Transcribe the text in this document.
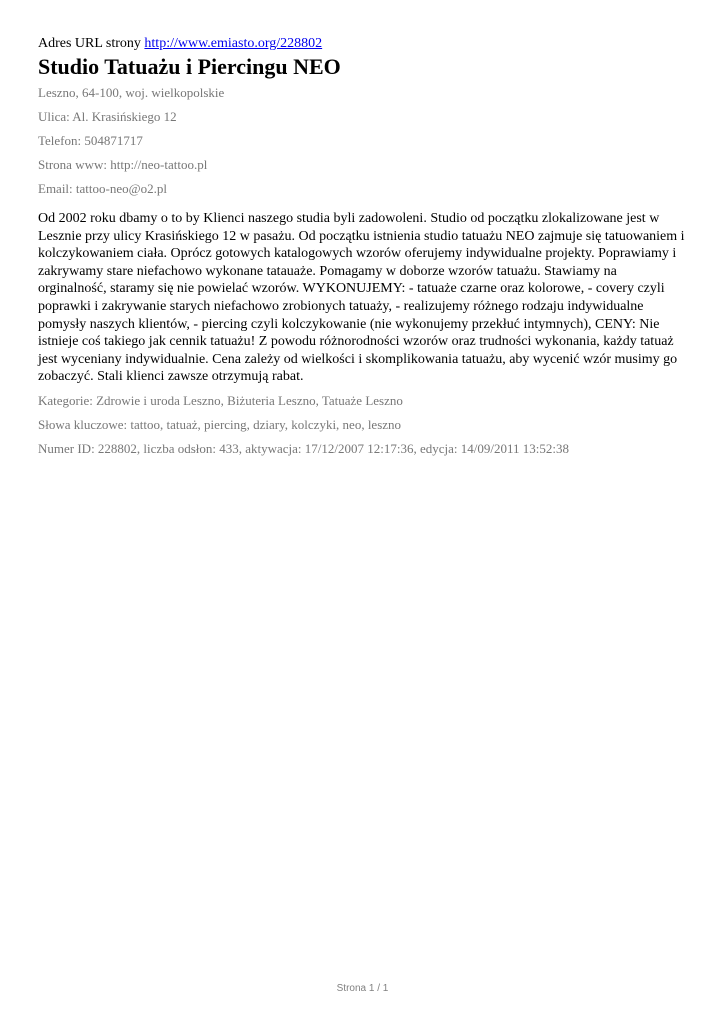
Adres URL strony http://www.emiasto.org/228802

Studio Tatuażu i Piercingu NEO

Leszno, 64-100, woj. wielkopolskie

Ulica: Al. Krasińskiego 12

Telefon: 504871717

Strona www: http://neo-tattoo.pl

Email: tattoo-neo@o2.pl

Od 2002 roku dbamy o to by Klienci naszego studia byli zadowoleni. Studio od początku zlokalizowane jest w Lesznie przy ulicy Krasińskiego 12 w pasażu. Od początku istnienia studio tatuażu NEO zajmuje się tatuowaniem i kolczykowaniem ciała. Oprócz gotowych katalogowych wzorów oferujemy indywidualne projekty. Poprawiamy i zakrywamy stare niefachowo wykonane tatauaże. Pomagamy w doborze wzorów tatuażu. Stawiamy na orginalność, staramy się nie powielać wzorów. WYKONUJEMY: - tatuaże czarne oraz kolorowe, - covery czyli poprawki i zakrywanie starych niefachowo zrobionych tatuaży, - realizujemy różnego rodzaju indywidualne pomysły naszych klientów, - piercing czyli kolczykowanie (nie wykonujemy przekłuć intymnych), CENY: Nie istnieje coś takiego jak cennik tatuażu! Z powodu różnorodności wzorów oraz trudności wykonania, każdy tatuaż jest wyceniany indywidualnie. Cena zależy od wielkości i skomplikowania tatuażu, aby wycenić wzór musimy go zobaczyć. Stali klienci zawsze otrzymują rabat.

Kategorie: Zdrowie i uroda Leszno, Biżuteria Leszno, Tatuaże Leszno

Słowa kluczowe: tattoo, tatuaż, piercing, dziary, kolczyki, neo, leszno

Numer ID: 228802, liczba odsłon: 433, aktywacja: 17/12/2007 12:17:36, edycja: 14/09/2011 13:52:38

Strona 1 / 1
